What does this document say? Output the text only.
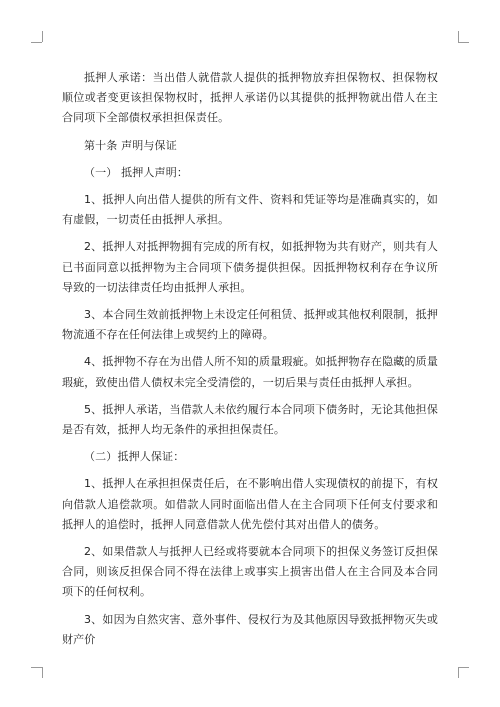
抵押人承诺：当出借人就借款人提供的抵押物放弃担保物权、担保物权顺位或者变更该担保物权时，抵押人承诺仍以其提供的抵押物就出借人在主合同项下全部债权承担担保责任。

第十条 声明与保证

（一） 抵押人声明：

1、抵押人向出借人提供的所有文件、资料和凭证等均是准确真实的，如有虚假，一切责任由抵押人承担。

2、抵押人对抵押物拥有完成的所有权，如抵押物为共有财产，则共有人已书面同意以抵押物为主合同项下债务提供担保。因抵押物权利存在争议所导致的一切法律责任均由抵押人承担。

3、本合同生效前抵押物上未设定任何租赁、抵押或其他权利限制，抵押物流通不存在任何法律上或契约上的障碍。

4、抵押物不存在为出借人所不知的质量瑕疵。如抵押物存在隐藏的质量瑕疵，致使出借人债权未完全受清偿的，一切后果与责任由抵押人承担。

5、抵押人承诺，当借款人未依约履行本合同项下债务时，无论其他担保是否有效，抵押人均无条件的承担担保责任。

（二）抵押人保证：

1、抵押人在承担担保责任后，在不影响出借人实现债权的前提下，有权向借款人追偿款项。如借款人同时面临出借人在主合同项下任何支付要求和抵押人的追偿时，抵押人同意借款人优先偿付其对出借人的债务。

2、如果借款人与抵押人已经或将要就本合同项下的担保义务签订反担保合同，则该反担保合同不得在法律上或事实上损害出借人在主合同及本合同项下的任何权利。

3、如因为自然灾害、意外事件、侵权行为及其他原因导致抵押物灭失或财产价
